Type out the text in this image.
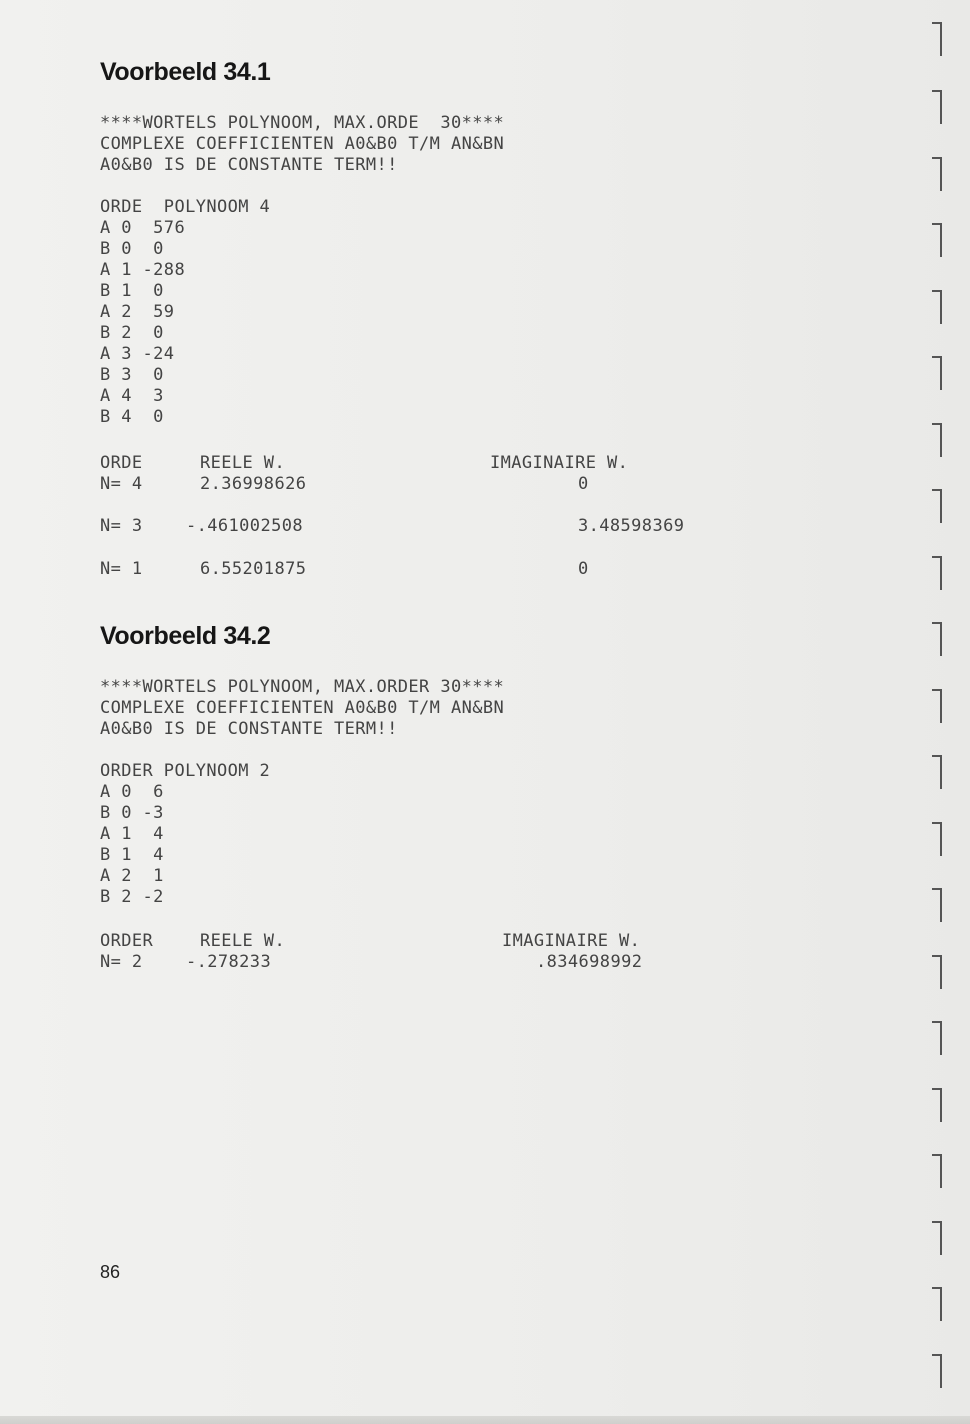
Voorbeeld 34.1
****WORTELS POLYNOOM, MAX.ORDE  30****
COMPLEXE COEFFICIENTEN A0&B0 T/M AN&BN
A0&B0 IS DE CONSTANTE TERM!!
ORDE  POLYNOOM 4
A 0  576
B 0  0
A 1 -288
B 1  0
A 2  59
B 2  0
A 3 -24
B 3  0
A 4  3
B 4  0
ORDE	REELE W.	IMAGINAIRE W.
N= 4	2.36998626	0
N= 3	-.461002508	3.48598369
N= 1	6.55201875	0
Voorbeeld 34.2
****WORTELS POLYNOOM, MAX.ORDER 30****
COMPLEXE COEFFICIENTEN A0&B0 T/M AN&BN
A0&B0 IS DE CONSTANTE TERM!!
ORDER POLYNOOM 2
A 0  6
B 0 -3
A 1  4
B 1  4
A 2  1
B 2 -2
ORDER	REELE W.	IMAGINAIRE W.
N= 2	-.278233	.834698992
86
